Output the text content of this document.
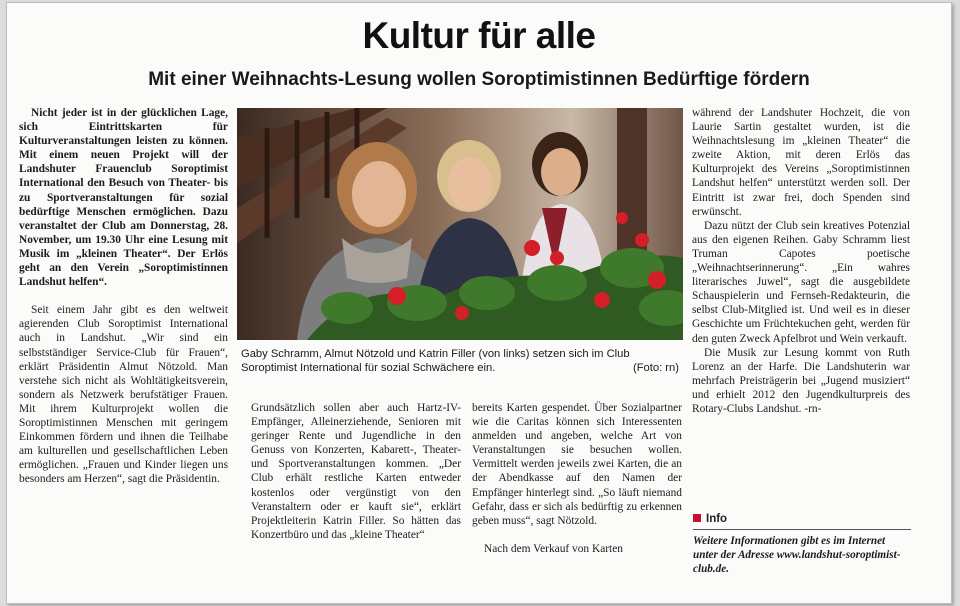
Kultur für alle
Mit einer Weihnachts-Lesung wollen Soroptimistinnen Bedürftige fördern

Nicht jeder ist in der glücklichen Lage, sich Eintrittskarten für Kulturveranstaltungen leisten zu können. Mit einem neuen Projekt will der Landshuter Frauenclub Soroptimist International den Besuch von Theater- bis zu Sportveranstaltungen für sozial bedürftige Menschen ermöglichen. Dazu veranstaltet der Club am Donnerstag, 28. November, um 19.30 Uhr eine Lesung mit Musik im „kleinen Theater“. Der Erlös geht an den Verein „Soroptimistinnen Landshut helfen“.

Seit einem Jahr gibt es den weltweit agierenden Club Soroptimist International auch in Landshut. „Wir sind ein selbstständiger Service-Club für Frauen“, erklärt Präsidentin Almut Nötzold. Man verstehe sich nicht als Wohltätigkeitsverein, sondern als Netzwerk berufstätiger Frauen. Mit ihrem Kulturprojekt wollen die Soroptimistinnen Menschen mit geringem Einkommen fördern und ihnen die Teilhabe am kulturellen und gesellschaftlichen Leben ermöglichen. „Frauen und Kinder liegen uns besonders am Herzen“, sagt die Präsidentin.

Gaby Schramm, Almut Nötzold und Katrin Filler (von links) setzen sich im Club Soroptimist International für sozial Schwächere ein.	(Foto: rn)

Grundsätzlich sollen aber auch Hartz-IV-Empfänger, Alleinerziehende, Senioren mit geringer Rente und Jugendliche in den Genuss von Konzerten, Kabarett-, Theater- und Sportveranstaltungen kommen. „Der Club erhält restliche Karten entweder kostenlos oder vergünstigt von den Veranstaltern oder er kauft sie“, erklärt Projektleiterin Katrin Filler. So hätten das Konzertbüro und das „kleine Theater“

bereits Karten gespendet. Über Sozialpartner wie die Caritas können sich Interessenten anmelden und angeben, welche Art von Veranstaltungen sie besuchen wollen. Vermittelt werden jeweils zwei Karten, die an der Abendkasse auf den Namen der Empfänger hinterlegt sind. „So läuft niemand Gefahr, dass er sich als bedürftig zu erkennen geben muss“, sagt Nötzold.

Nach dem Verkauf von Karten

während der Landshuter Hochzeit, die von Laurie Sartin gestaltet wurden, ist die Weihnachtslesung im „kleinen Theater“ die zweite Aktion, mit deren Erlös das Kulturprojekt des Vereins „Soroptimistinnen Landshut helfen“ unterstützt werden soll. Der Eintritt ist zwar frei, doch Spenden sind erwünscht.

Dazu nützt der Club sein kreatives Potenzial aus den eigenen Reihen. Gaby Schramm liest Truman Capotes poetische „Weihnachtserinnerung“. „Ein wahres literarisches Juwel“, sagt die ausgebildete Schauspielerin und Fernseh-Redakteurin, die selbst Club-Mitglied ist. Und weil es in dieser Geschichte um Früchtekuchen geht, werden für den guten Zweck Apfelbrot und Wein verkauft.

Die Musik zur Lesung kommt von Ruth Lorenz an der Harfe. Die Landshuterin war mehrfach Preisträgerin bei „Jugend musiziert“ und erhielt 2012 den Jugendkulturpreis des Rotary-Clubs Landshut. -rn-

Info
Weitere Informationen gibt es im Internet unter der Adresse www.landshut-soroptimist-club.de.
